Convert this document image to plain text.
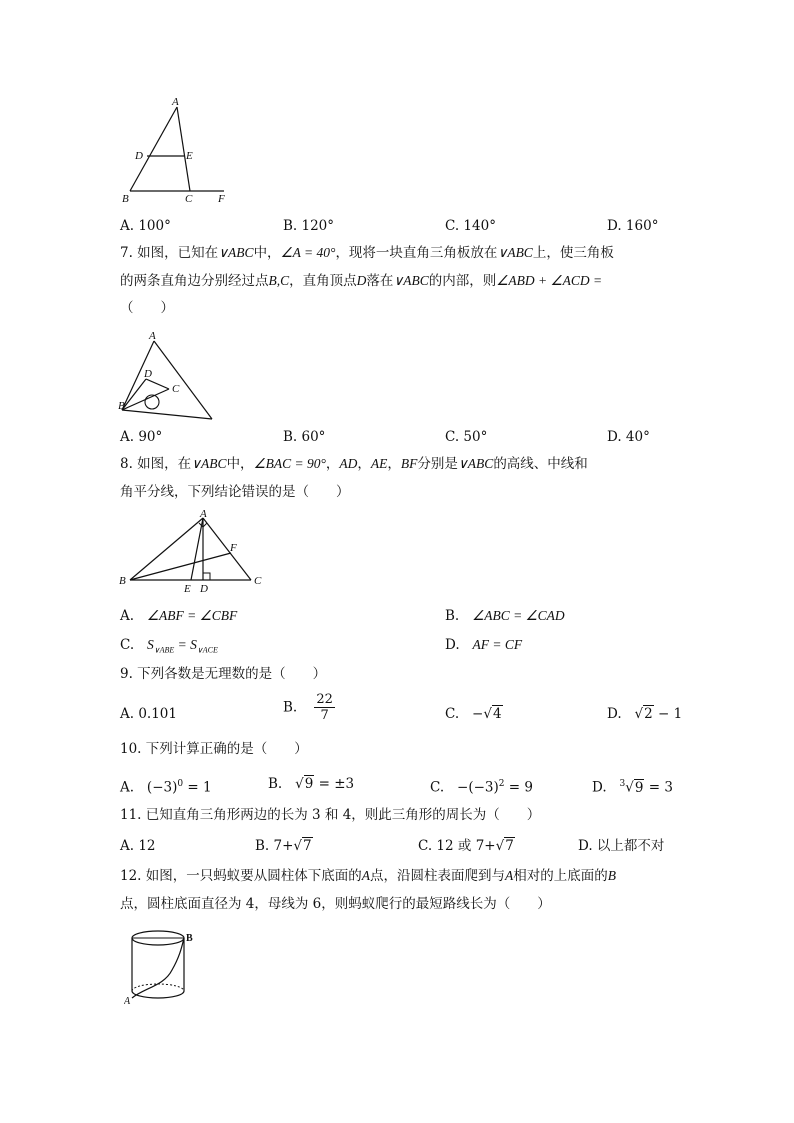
A
D	E
B	C F
A. 100°	B. 120°	C. 140°	D. 160°
7. 如图，已知在∨ABC中，∠A = 40°，现将一块直角三角板放在∨ABC上，使三角板
的两条直角边分别经过点B,C，直角顶点D落在∨ABC的内部，则∠ABD + ∠ACD =
（　　）
A
D
C
B
A. 90°	B. 60°	C. 50°	D. 40°
8. 如图，在∨ABC中，∠BAC = 90°，AD，AE，BF分别是∨ABC的高线、中线和
角平分线，下列结论错误的是（　　）
A
F
B
E D
C
A. ∠ABF = ∠CBF	B. ∠ABC = ∠CAD
C. $S_{\vee ABE} = S_{\vee ACE}$	D. AF = CF
9. 下列各数是无理数的是（　　）
A. 0.101	B. $\frac{22}{7}$	C. −√4	D. √2 − 1
10. 下列计算正确的是（　　）
A. $(-3)^0 = 1$	B. √9 = ±3	C. $-(-3)^2 = 9$	D. $^3$√9 = 3
11. 已知直角三角形两边的长为 3 和 4，则此三角形的周长为（　　）
A. 12	B. 7+√7	C. 12 或 7+√7	D. 以上都不对
12. 如图，一只蚂蚁要从圆柱体下底面的A点，沿圆柱表面爬到与A相对的上底面的B
点，圆柱底面直径为 4，母线为 6，则蚂蚁爬行的最短路线长为（　　）
B
A
